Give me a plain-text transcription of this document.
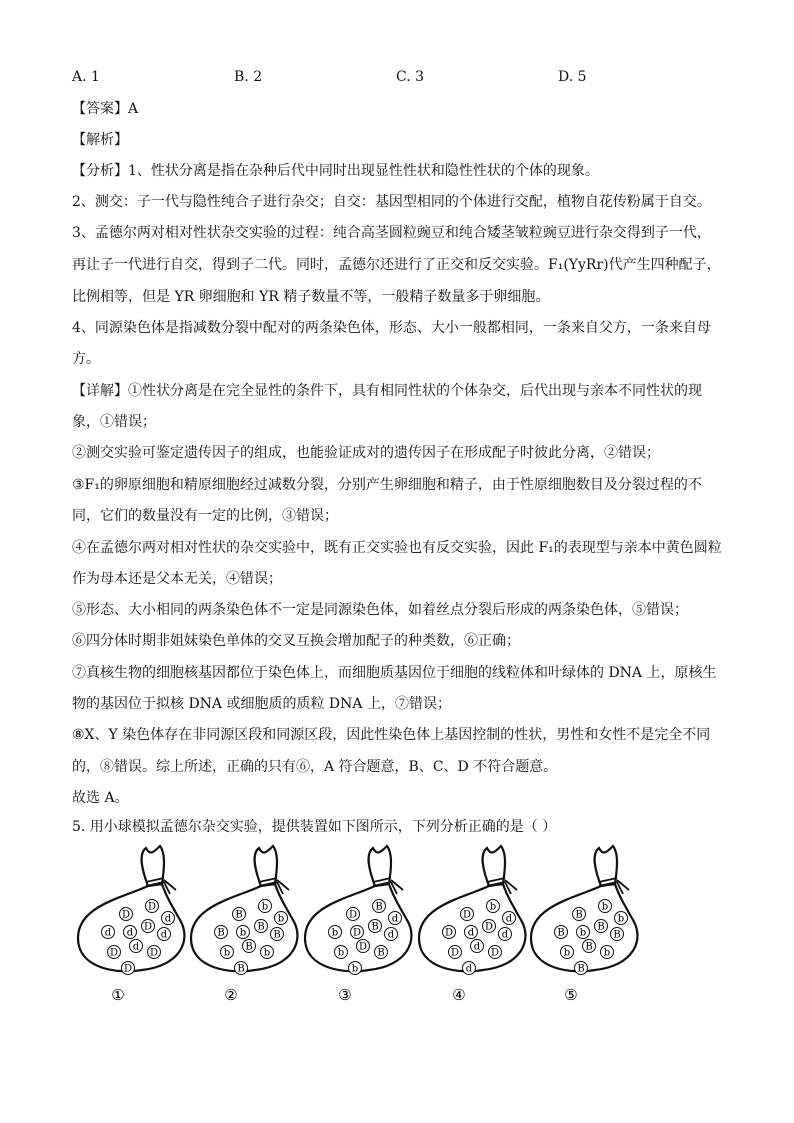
A. 1	B. 2	C. 3	D. 5
【答案】A
【解析】
【分析】1、性状分离是指在杂种后代中同时出现显性性状和隐性性状的个体的现象。
2、测交：子一代与隐性纯合子进行杂交；自交：基因型相同的个体进行交配，植物自花传粉属于自交。
3、孟德尔两对相对性状杂交实验的过程：纯合高茎圆粒豌豆和纯合矮茎皱粒豌豆进行杂交得到子一代，
再让子一代进行自交，得到子二代。同时，孟德尔还进行了正交和反交实验。F₁(YyRr)代产生四种配子，
比例相等，但是 YR 卵细胞和 YR 精子数量不等，一般精子数量多于卵细胞。
4、同源染色体是指减数分裂中配对的两条染色体，形态、大小一般都相同，一条来自父方，一条来自母
方。
【详解】①性状分离是在完全显性的条件下，具有相同性状的个体杂交，后代出现与亲本不同性状的现
象，①错误；
②测交实验可鉴定遗传因子的组成，也能验证成对的遗传因子在形成配子时彼此分离，②错误；
③F₁的卵原细胞和精原细胞经过减数分裂，分别产生卵细胞和精子，由于性原细胞数目及分裂过程的不
同，它们的数量没有一定的比例，③错误；
④在孟德尔两对相对性状的杂交实验中，既有正交实验也有反交实验，因此 F₁的表现型与亲本中黄色圆粒
作为母本还是父本无关，④错误；
⑤形态、大小相同的两条染色体不一定是同源染色体，如着丝点分裂后形成的两条染色体，⑤错误；
⑥四分体时期非姐妹染色单体的交叉互换会增加配子的种类数，⑥正确；
⑦真核生物的细胞核基因都位于染色体上，而细胞质基因位于细胞的线粒体和叶绿体的 DNA 上，原核生
物的基因位于拟核 DNA 或细胞质的质粒 DNA 上，⑦错误；
⑧X、Y 染色体存在非同源区段和同源区段，因此性染色体上基因控制的性状，男性和女性不是完全不同
的，⑧错误。综上所述，正确的只有⑥，A 符合题意，B、C、D 不符合题意。
故选 A。
5. 用小球模拟孟德尔杂交实验，提供装置如下图所示，下列分析正确的是（ ）
D
D
d
d d
D
d
D
d
D
D
①
B
b
b
B b
B
B
b
B
b
B
②
D
B
d
b D
B
d
b
D
B
b
③
D
b
d
D d
D
d
D
d
D
d
④
B
b
b
B b
B
B
b
B
b
B
⑤
